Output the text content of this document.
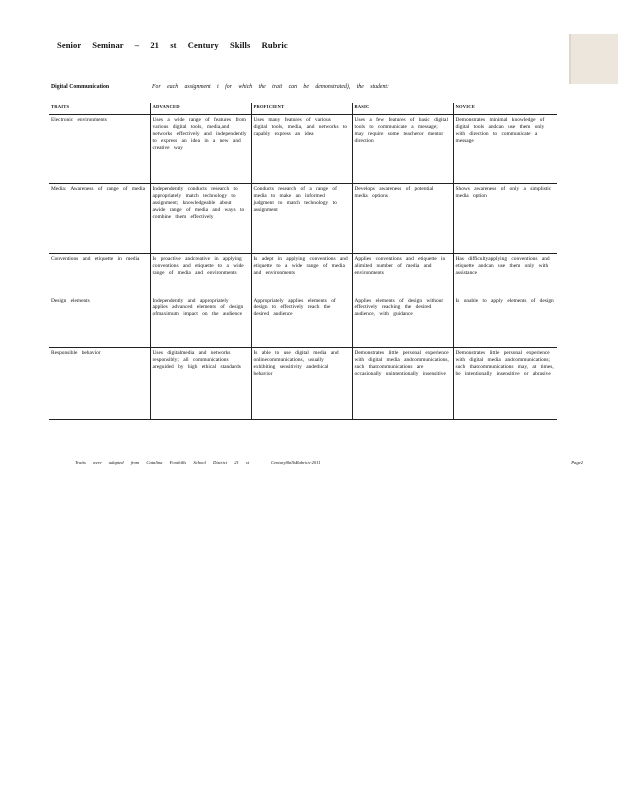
Senior Seminar – 21 st Century Skills Rubric
Digital Communication	For each assignment t for which the trait can be demonstrated), the student:
TRAITS	ADVANCED	PROFICIENT	BASIC	NOVICE
Electronic environments	Uses a wide range of features from various digital tools, media,and networks effectively and independently to express an idea in a new and creative way	Uses many features of various digital tools, media, and networks to capably express an idea	Uses a few features of basic digital tools to communicate a message; may require some teacheror mentor direction	Demonstrates minimal knowledge of digital tools andcan use them only with direction to communicate a message
Media: Awareness of range of media	Independently conducts research to appropriately match technology to assignment; knowledgeable about awide range of media and ways to combine them effectively	Conducts research of a range of media to make an informed judgment to match technology to assignment	Develops awareness of potential media options	Shows awareness of only a simplistic media option
Conventions and etiquette in media	Is proactive andcreative in applying conventions and etiquette to a wide range of media and environments	Is adept in applying conventions and etiquette to a wide range of media and environments	Applies conventions and etiquette in alimited number of media and environments	Has difficultyapplying conventions and etiquette andcan use them only with assistance
Design elements	Independently and appropriately applies advanced elements of design ofmaximum impact on the audience	Appropriately applies elements of design to effectively reach the desired audience	Applies elements of design without effectively reaching the desired audience, with guidance	Is unable to apply elements of design
Responsible behavior	Uses digitalmedia and networks responsibly; all communications areguided by high ethical standards	Is able to use digital media and onlinecommunications, usually exhibiting sensitivity andethical behavior	Demonstrates little personal experience with digital media andcommunications, such thatcommunications are occasionally unintentionally insensitive	Demonstrates little personal experience with digital media andcommunications; such thatcommunications may, at times, be intentionally insensitive or abrasive
Traits were adapted from Catalina Foothills School District 21 st	CenturySkillsRubrics-2011	Page2
